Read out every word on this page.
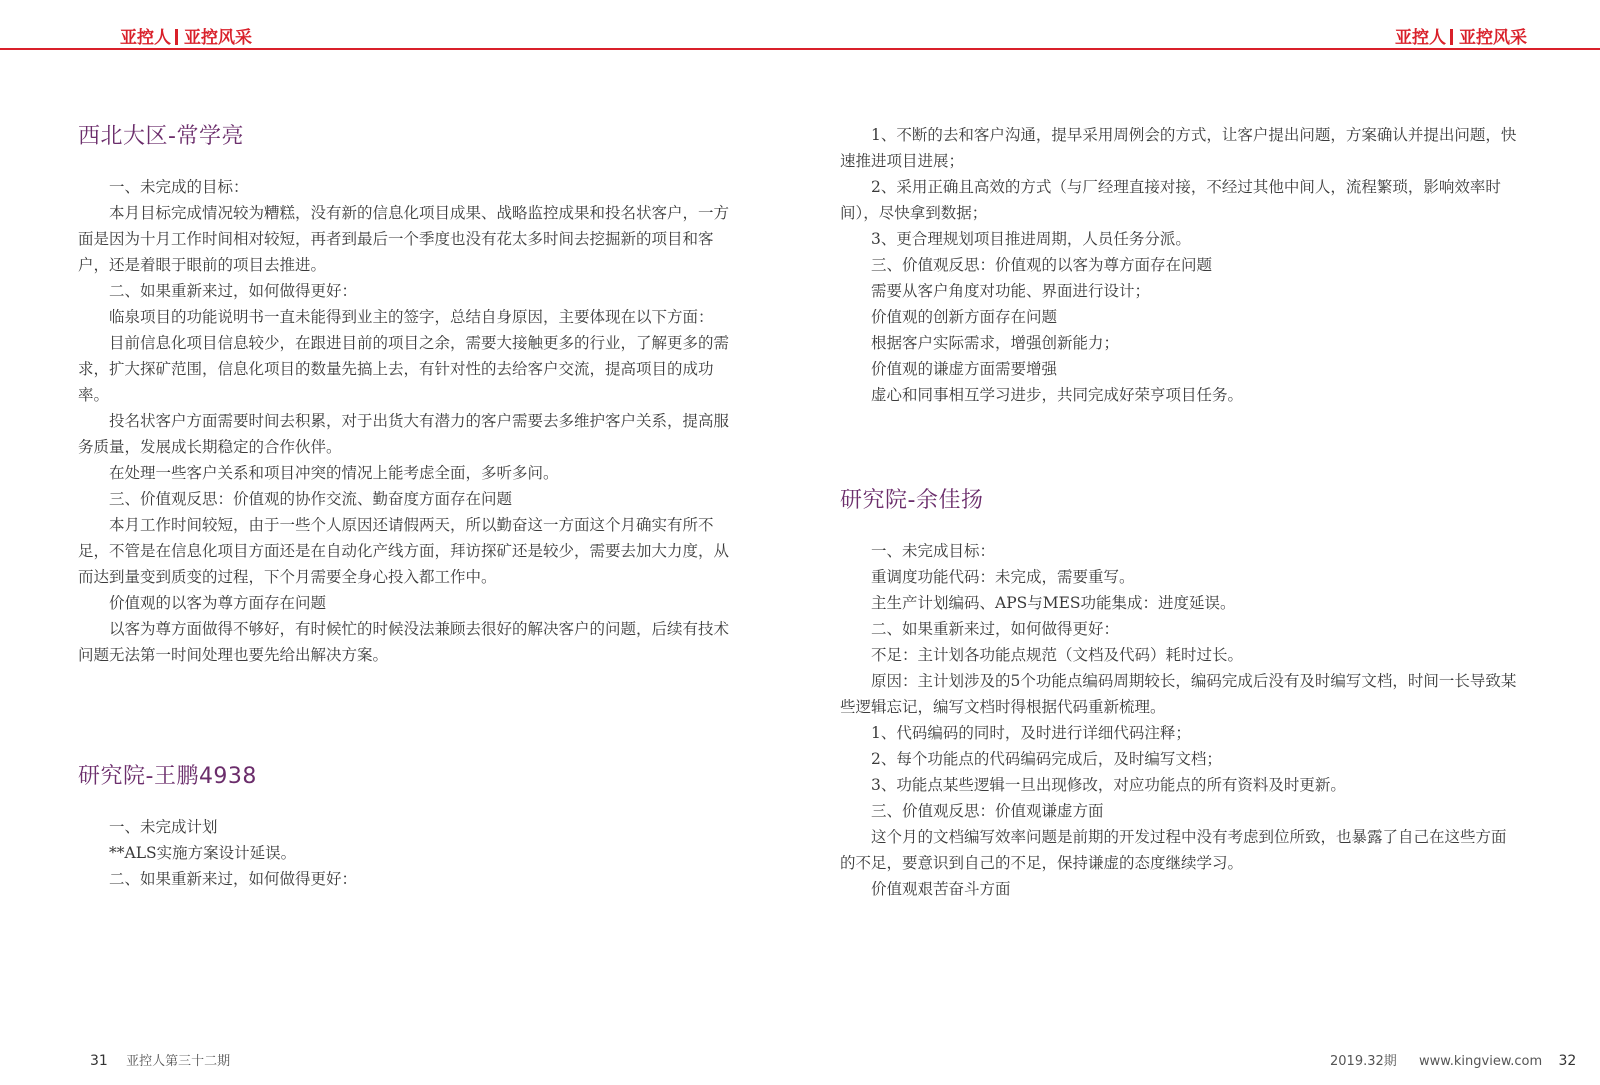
亚控人 亚控风采	亚控人 亚控风采
西北大区-常学亮

一、未完成的目标：

本月目标完成情况较为糟糕，没有新的信息化项目成果、战略监控成果和投名状客户，一方面是因为十月工作时间相对较短，再者到最后一个季度也没有花太多时间去挖掘新的项目和客户，还是着眼于眼前的项目去推进。

二、如果重新来过，如何做得更好：

临泉项目的功能说明书一直未能得到业主的签字，总结自身原因，主要体现在以下方面：

目前信息化项目信息较少，在跟进目前的项目之余，需要大接触更多的行业，了解更多的需求，扩大探矿范围，信息化项目的数量先搞上去，有针对性的去给客户交流，提高项目的成功率。

投名状客户方面需要时间去积累，对于出货大有潜力的客户需要去多维护客户关系，提高服务质量，发展成长期稳定的合作伙伴。

在处理一些客户关系和项目冲突的情况上能考虑全面，多听多问。

三、价值观反思：价值观的协作交流、勤奋度方面存在问题

本月工作时间较短，由于一些个人原因还请假两天，所以勤奋这一方面这个月确实有所不足，不管是在信息化项目方面还是在自动化产线方面，拜访探矿还是较少，需要去加大力度，从而达到量变到质变的过程，下个月需要全身心投入都工作中。

价值观的以客为尊方面存在问题

以客为尊方面做得不够好，有时候忙的时候没法兼顾去很好的解决客户的问题，后续有技术问题无法第一时间处理也要先给出解决方案。

研究院-王鹏4938

一、未完成计划

**ALS实施方案设计延误。

二、如果重新来过，如何做得更好：

1、不断的去和客户沟通，提早采用周例会的方式，让客户提出问题，方案确认并提出问题，快速推进项目进展；

2、采用正确且高效的方式（与厂经理直接对接，不经过其他中间人，流程繁琐，影响效率时间），尽快拿到数据；

3、更合理规划项目推进周期，人员任务分派。

三、价值观反思：价值观的以客为尊方面存在问题

需要从客户角度对功能、界面进行设计；

价值观的创新方面存在问题

根据客户实际需求，增强创新能力；

价值观的谦虚方面需要增强

虚心和同事相互学习进步，共同完成好荣亨项目任务。

研究院-余佳扬

一、未完成目标：

重调度功能代码：未完成，需要重写。

主生产计划编码、APS与MES功能集成：进度延误。

二、如果重新来过，如何做得更好：

不足：主计划各功能点规范（文档及代码）耗时过长。

原因：主计划涉及的5个功能点编码周期较长，编码完成后没有及时编写文档，时间一长导致某些逻辑忘记，编写文档时得根据代码重新梳理。

1、代码编码的同时，及时进行详细代码注释；

2、每个功能点的代码编码完成后，及时编写文档；

3、功能点某些逻辑一旦出现修改，对应功能点的所有资料及时更新。

三、价值观反思：价值观谦虚方面

这个月的文档编写效率问题是前期的开发过程中没有考虑到位所致，也暴露了自己在这些方面的不足，要意识到自己的不足，保持谦虚的态度继续学习。

价值观艰苦奋斗方面

31 亚控人第三十二期	2019.32期 www.kingview.com 32
